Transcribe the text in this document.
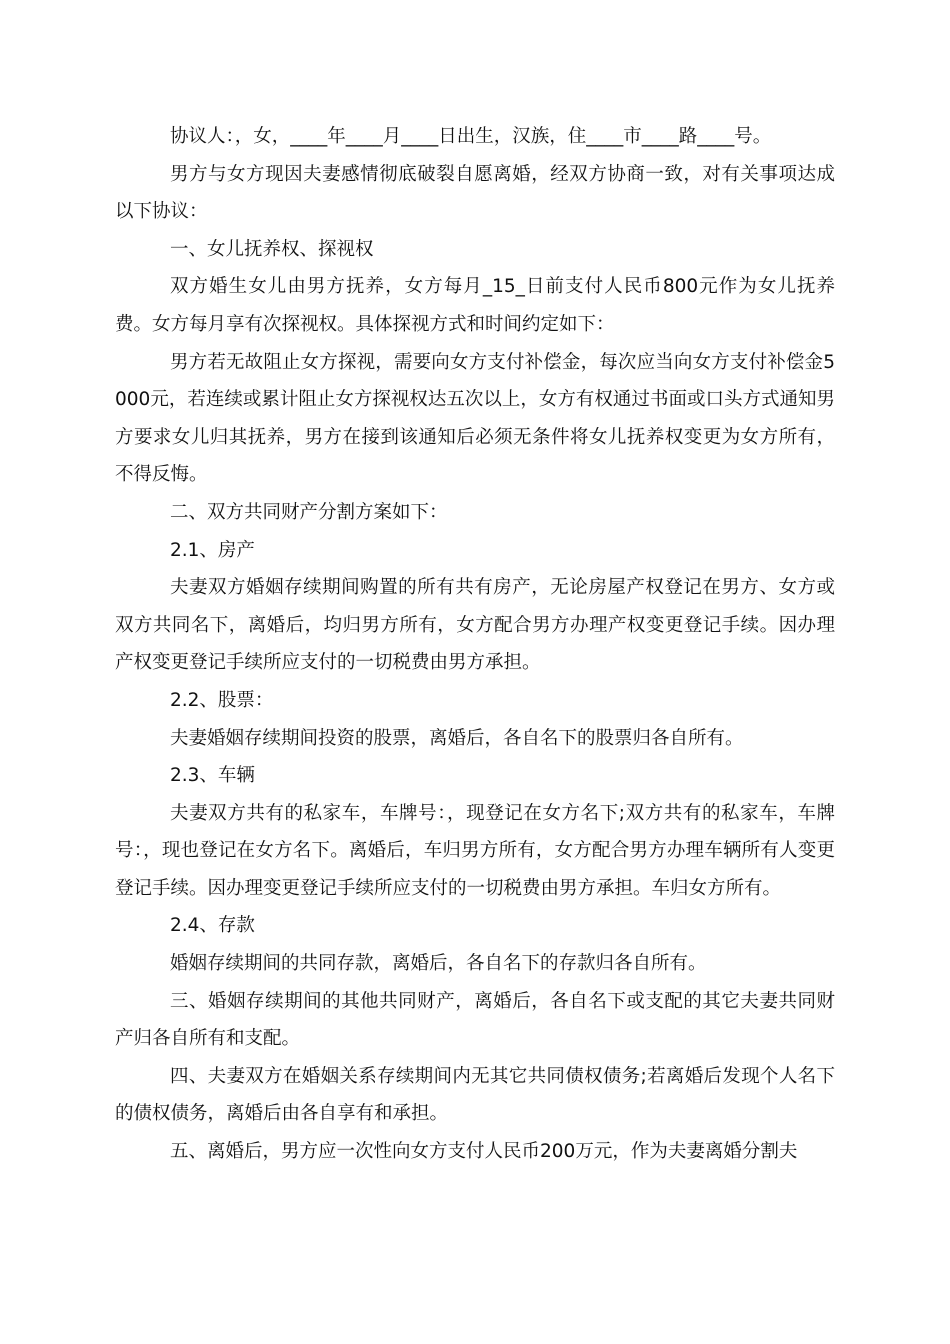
协议人：，女，____年____月____日出生，汉族，住____市____路____号。

男方与女方现因夫妻感情彻底破裂自愿离婚，经双方协商一致，对有关事项达成以下协议：

一、女儿抚养权、探视权

双方婚生女儿由男方抚养，女方每月_15_日前支付人民币800元作为女儿抚养费。女方每月享有次探视权。具体探视方式和时间约定如下：

男方若无故阻止女方探视，需要向女方支付补偿金，每次应当向女方支付补偿金5000元，若连续或累计阻止女方探视权达五次以上，女方有权通过书面或口头方式通知男方要求女儿归其抚养，男方在接到该通知后必须无条件将女儿抚养权变更为女方所有，不得反悔。

二、双方共同财产分割方案如下：

2.1、房产

夫妻双方婚姻存续期间购置的所有共有房产，无论房屋产权登记在男方、女方或双方共同名下，离婚后，均归男方所有，女方配合男方办理产权变更登记手续。因办理产权变更登记手续所应支付的一切税费由男方承担。

2.2、股票：

夫妻婚姻存续期间投资的股票，离婚后，各自名下的股票归各自所有。

2.3、车辆

夫妻双方共有的私家车，车牌号：，现登记在女方名下;双方共有的私家车，车牌号：，现也登记在女方名下。离婚后，车归男方所有，女方配合男方办理车辆所有人变更登记手续。因办理变更登记手续所应支付的一切税费由男方承担。车归女方所有。

2.4、存款

婚姻存续期间的共同存款，离婚后，各自名下的存款归各自所有。

三、婚姻存续期间的其他共同财产，离婚后，各自名下或支配的其它夫妻共同财产归各自所有和支配。

四、夫妻双方在婚姻关系存续期间内无其它共同债权债务;若离婚后发现个人名下的债权债务，离婚后由各自享有和承担。

五、离婚后，男方应一次性向女方支付人民币200万元，作为夫妻离婚分割夫
